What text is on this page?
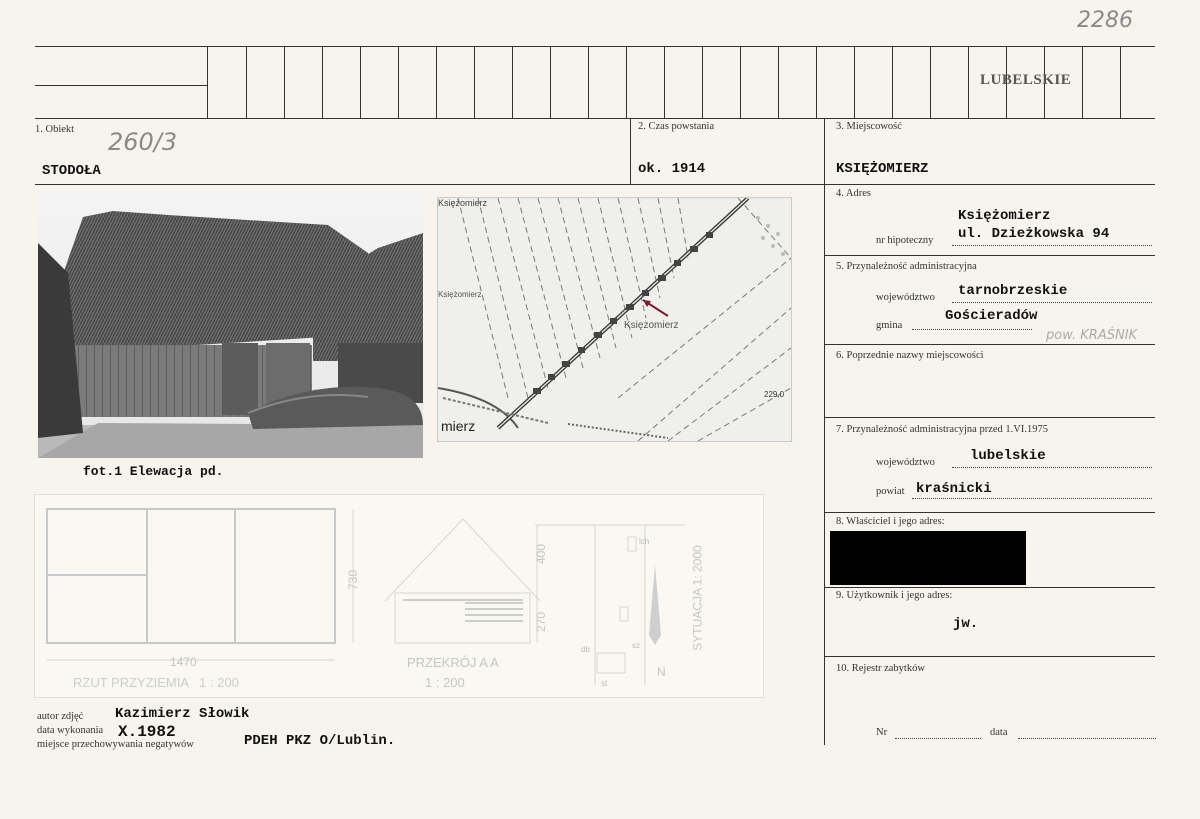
2286
LUBELSKIE
1. Obiekt 260/3
STODOŁA
2. Czas powstania
ok. 1914
3. Miejscowość
KSIĘŻOMIERZ
fot.1 Elewacja pd.
Księżomierz
Księżomierz
Księżomierz
mierz
229,0
1470
730
RZUT PRZYZIEMIA   1 : 200
400
270
PRZEKRÓJ A A
1 : 200
SYTUACJA 1: 2000
N
lch
sz
db
st
4. Adres
Księżomierz
nr hipoteczny ul. Dzieżkowska 94
5. Przynależność administracyjna
województwo tarnobrzeskie
gmina
Gościeradów
pow. KRAŚNIK
6. Poprzednie nazwy miejscowości
7. Przynależność administracyjna przed 1.VI.1975
województwo	lubelskie
powiat kraśnicki
8. Właściciel i jego adres:
9. Użytkownik i jego adres:
jw.
10. Rejestr zabytków
Nr	data
autor zdjęć Kazimierz Słowik
data wykonania X.1982
miejsce przechowywania negatywów	PDEH PKZ O/Lublin.
